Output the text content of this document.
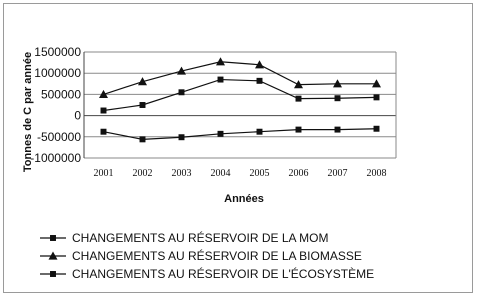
1500000
1000000
500000
0
-500000
-1000000
2001 2002 2003 2004 2005 2006 2007 2008
Tonnes de C par année
Années
CHANGEMENTS AU RÉSERVOIR DE LA MOM
CHANGEMENTS AU RÉSERVOIR DE LA BIOMASSE
CHANGEMENTS AU RÉSERVOIR DE L'ÉCOSYSTÈME
